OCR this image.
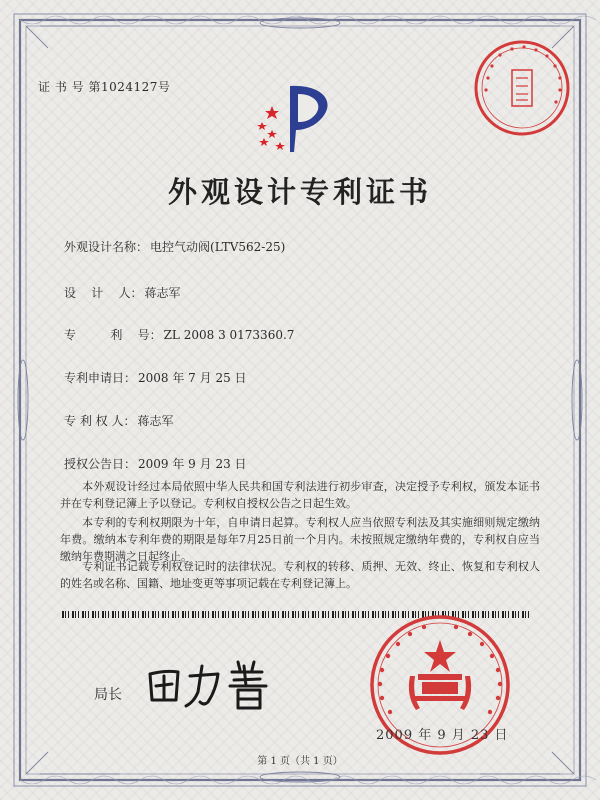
证 书 号 第1024127号
外观设计专利证书
外观设计名称： 电控气动阀(LTV562-25)
设    计    人： 蒋志军
专         利    号： ZL 2008 3 0173360.7
专利申请日： 2008 年 7 月 25 日
专 利 权 人： 蒋志军
授权公告日： 2009 年 9 月 23 日
本外观设计经过本局依照中华人民共和国专利法进行初步审查，决定授予专利权，颁发本证书并在专利登记簿上予以登记。专利权自授权公告之日起生效。
本专利的专利权期限为十年，自申请日起算。专利权人应当依照专利法及其实施细则规定缴纳年费。缴纳本专利年费的期限是每年7月25日前一个月内。未按照规定缴纳年费的，专利权自应当缴纳年费期满之日起终止。
专利证书记载专利权登记时的法律状况。专利权的转移、质押、无效、终止、恢复和专利权人的姓名或名称、国籍、地址变更等事项记载在专利登记簿上。
局长
2009 年 9 月 23 日
第 1 页（共 1 页）
